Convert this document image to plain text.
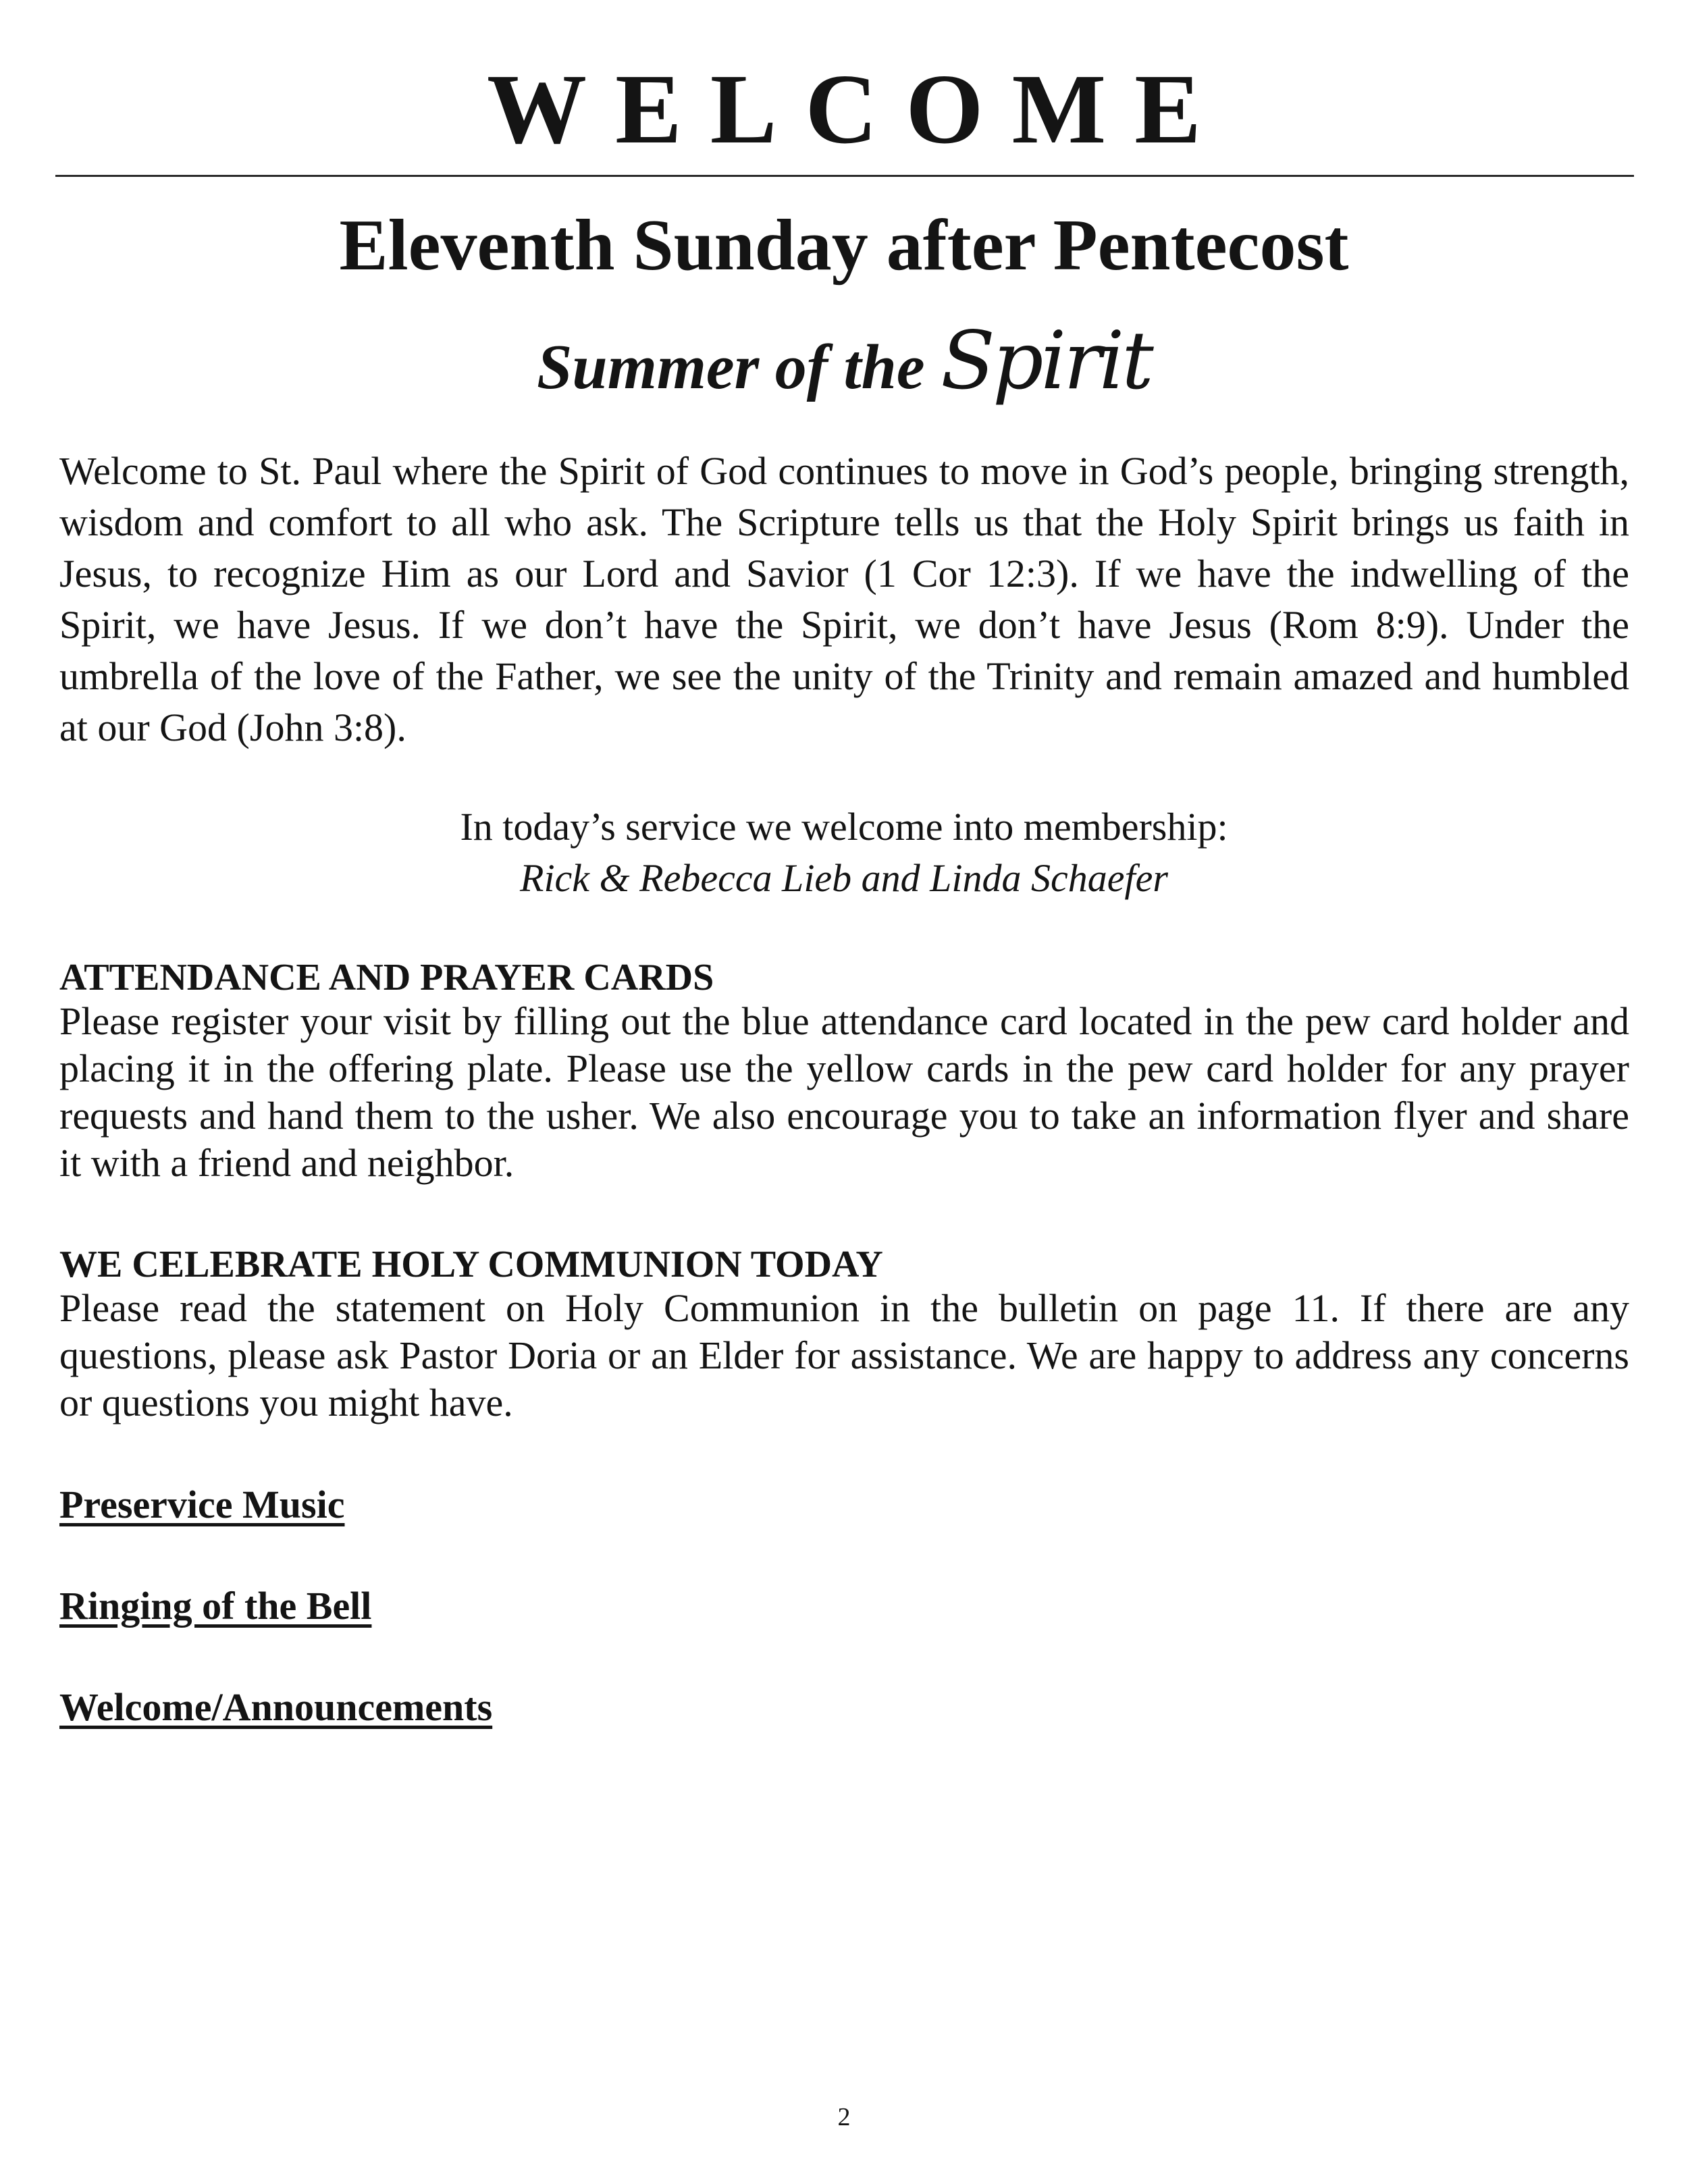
WELCOME
Eleventh Sunday after Pentecost
Summer of the Spirit
Welcome to St. Paul where the Spirit of God continues to move in God’s people, bringing strength, wisdom and comfort to all who ask. The Scripture tells us that the Holy Spirit brings us faith in Jesus, to recognize Him as our Lord and Savior (1 Cor 12:3). If we have the indwelling of the Spirit, we have Jesus. If we don’t have the Spirit, we don’t have Jesus (Rom 8:9). Under the umbrella of the love of the Father, we see the unity of the Trinity and remain amazed and humbled at our God (John 3:8).
In today’s service we welcome into membership:
Rick & Rebecca Lieb and Linda Schaefer
ATTENDANCE AND PRAYER CARDS
Please register your visit by filling out the blue attendance card located in the pew card holder and placing it in the offering plate. Please use the yellow cards in the pew card holder for any prayer requests and hand them to the usher. We also encourage you to take an information flyer and share it with a friend and neighbor.
WE CELEBRATE HOLY COMMUNION TODAY
Please read the statement on Holy Communion in the bulletin on page 11. If there are any questions, please ask Pastor Doria or an Elder for assistance. We are happy to address any concerns or questions you might have.
Preservice Music
Ringing of the Bell
Welcome/Announcements
2
